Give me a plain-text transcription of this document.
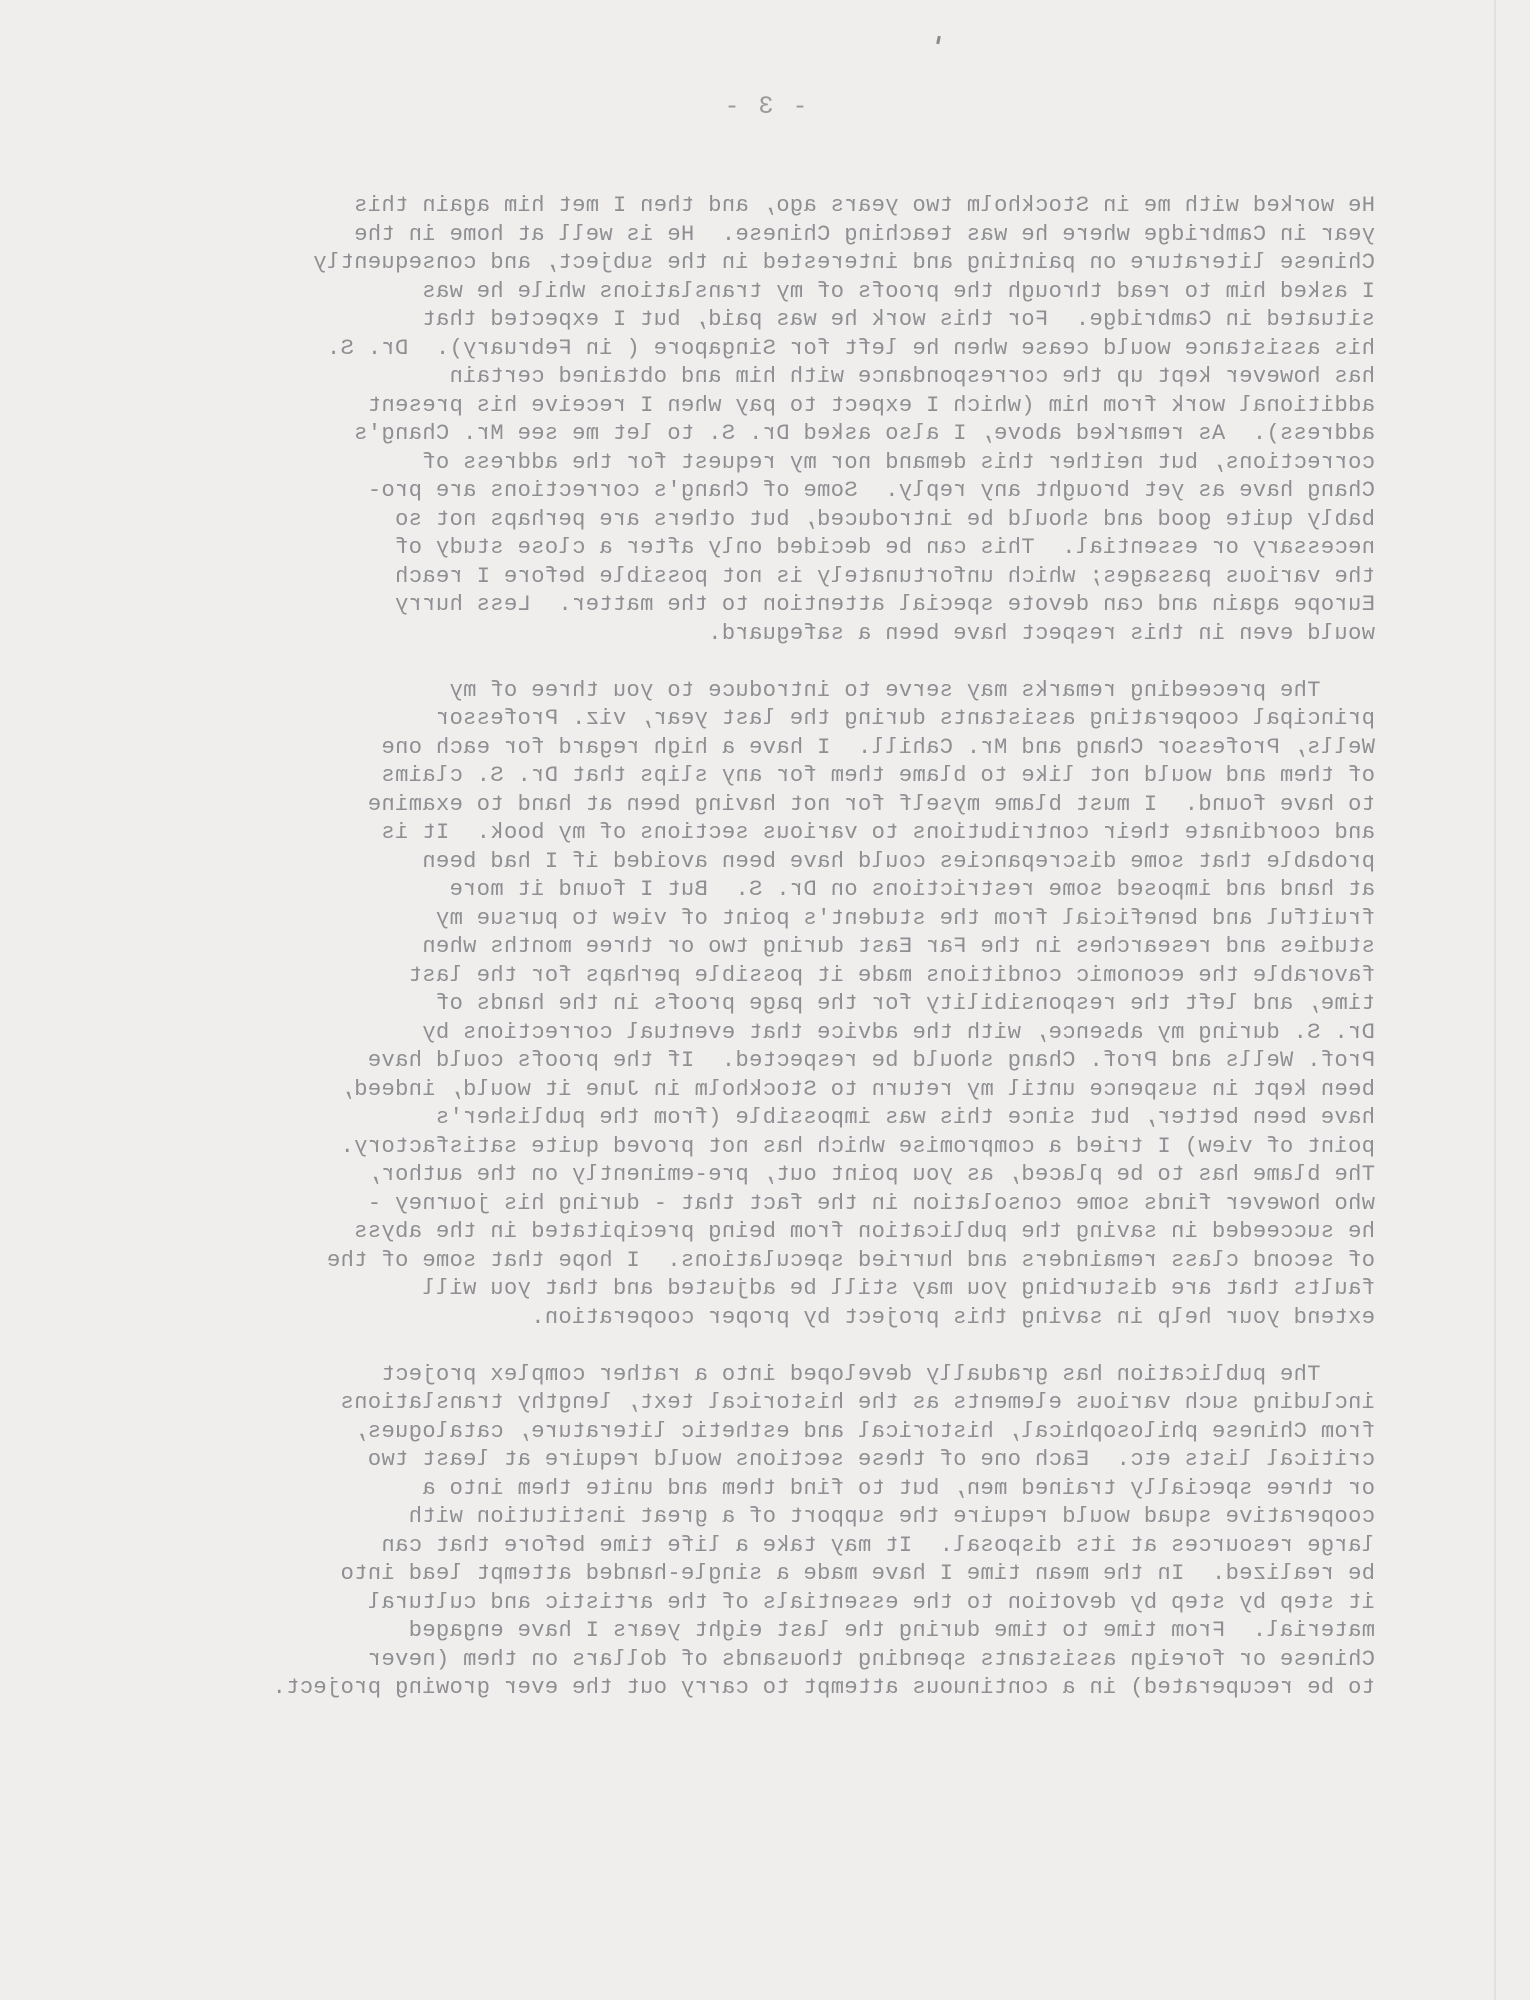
- 3 -
He worked with me in Stockholm two years ago, and then I met him again this
year in Cambridge where he was teaching Chinese.  He is well at home in the
Chinese literature on painting and interested in the subject, and consequently
I asked him to read through the proofs of my translations while he was
situated in Cambridge.  For this work he was paid, but I expected that
his assistance would cease when he left for Singapore ( in February).  Dr. S.
has however kept up the correspondance with him and obtained certain
additional work from him (which I expect to pay when I receive his present
address).  As remarked above, I also asked Dr. S. to let me see Mr. Chang's
corrections, but neither this demand nor my request for the address of
Chang have as yet brought any reply.  Some of Chang's corrections are pro-
bably quite good and should be introduced, but others are perhaps not so
necessary or essential.  This can be decided only after a close study of
the various passages; which unfortunately is not possible before I reach
Europe again and can devote special attention to the matter.  Less hurry
would even in this respect have been a safeguard.
The preceeding remarks may serve to introduce to you three of my
principal cooperating assistants during the last year, viz. Professor
Wells, Professor Chang and Mr. Cahill.  I have a high regard for each one
of them and would not like to blame them for any slips that Dr. S. claims
to have found.  I must blame myself for not having been at hand to examine
and coordinate their contributions to various sections of my book.  It is
probable that some discrepancies could have been avoided if I had been
at hand and imposed some restrictions on Dr. S.  But I found it more
fruitful and beneficial from the student's point of view to pursue my
studies and researches in the Far East during two or three months when
favorable the economic conditions made it possible perhaps for the last
time, and left the responsibility for the page proofs in the hands of
Dr. S. during my absence, with the advice that eventual corrections by
Prof. Wells and Prof. Chang should be respected.  If the proofs could have
been kept in suspence until my return to Stockholm in June it would, indeed,
have been better, but since this was impossible (from the publisher's
point of view) I tried a compromise which has not proved quite satisfactory.
The blame has to be placed, as you point out, pre-eminently on the author,
who however finds some consolation in the fact that - during his journey -
he succeeded in saving the publication from being precipitated in the abyss
of second class remainders and hurried speculations.  I hope that some of the
faults that are disturbing you may still be adjusted and that you will
extend your help in saving this project by proper cooperation.
The publication has gradually developed into a rather complex project
including such various elements as the historical text, lengthy translations
from Chinese philosophical, historical and esthetic literature, catalogues,
critical lists etc.  Each one of these sections would require at least two
or three specially trained men, but to find them and unite them into a
cooperative squad would require the support of a great institution with
large resources at its disposal.  It may take a life time before that can
be realized.  In the mean time I have made a single-handed attempt lead into
it step by step by devotion to the essentials of the artistic and cultural
material.  From time to time during the last eight years I have engaged
Chinese or foreign assistants spending thousands of dollars on them (never
to be recuperated) in a continuous attempt to carry out the ever growing project.
